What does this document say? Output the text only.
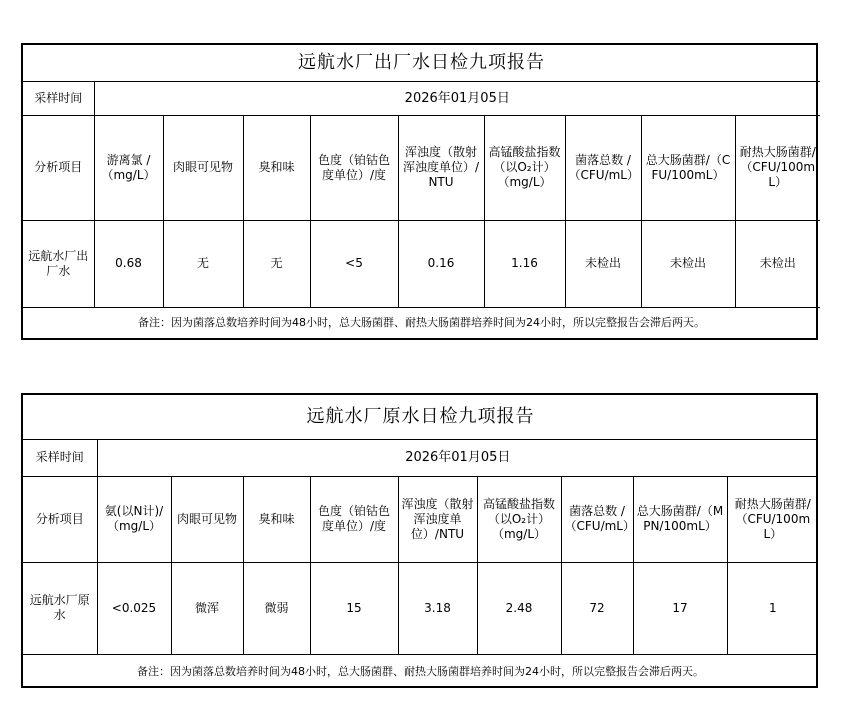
远航水厂出厂水日检九项报告									
采样时间	2026年01月05日								
分析项目	游离氯 /（mg/L）	肉眼可见物	臭和味	色度（铂钴色度单位）/度	浑浊度（散射浑浊度单位）/NTU	高锰酸盐指数（以O₂计）（mg/L）	菌落总数 /（CFU/mL）	总大肠菌群/（CFU/100mL）	耐热大肠菌群/（CFU/100mL）
远航水厂出厂水	0.68	无	无	<5	0.16	1.16	未检出	未检出	未检出
备注：因为菌落总数培养时间为48小时，总大肠菌群、耐热大肠菌群培养时间为24小时，所以完整报告会滞后两天。									
远航水厂原水日检九项报告									
采样时间	2026年01月05日								
分析项目	氨(以N计)/（mg/L）	肉眼可见物	臭和味	色度（铂钴色度单位）/度	浑浊度（散射浑浊度单位）/NTU	高锰酸盐指数（以O₂计）（mg/L）	菌落总数 /（CFU/mL）	总大肠菌群/（MPN/100mL）	耐热大肠菌群/（CFU/100mL）
远航水厂原水	<0.025	微浑	微弱	15	3.18	2.48	72	17	1
备注：因为菌落总数培养时间为48小时，总大肠菌群、耐热大肠菌群培养时间为24小时，所以完整报告会滞后两天。									
